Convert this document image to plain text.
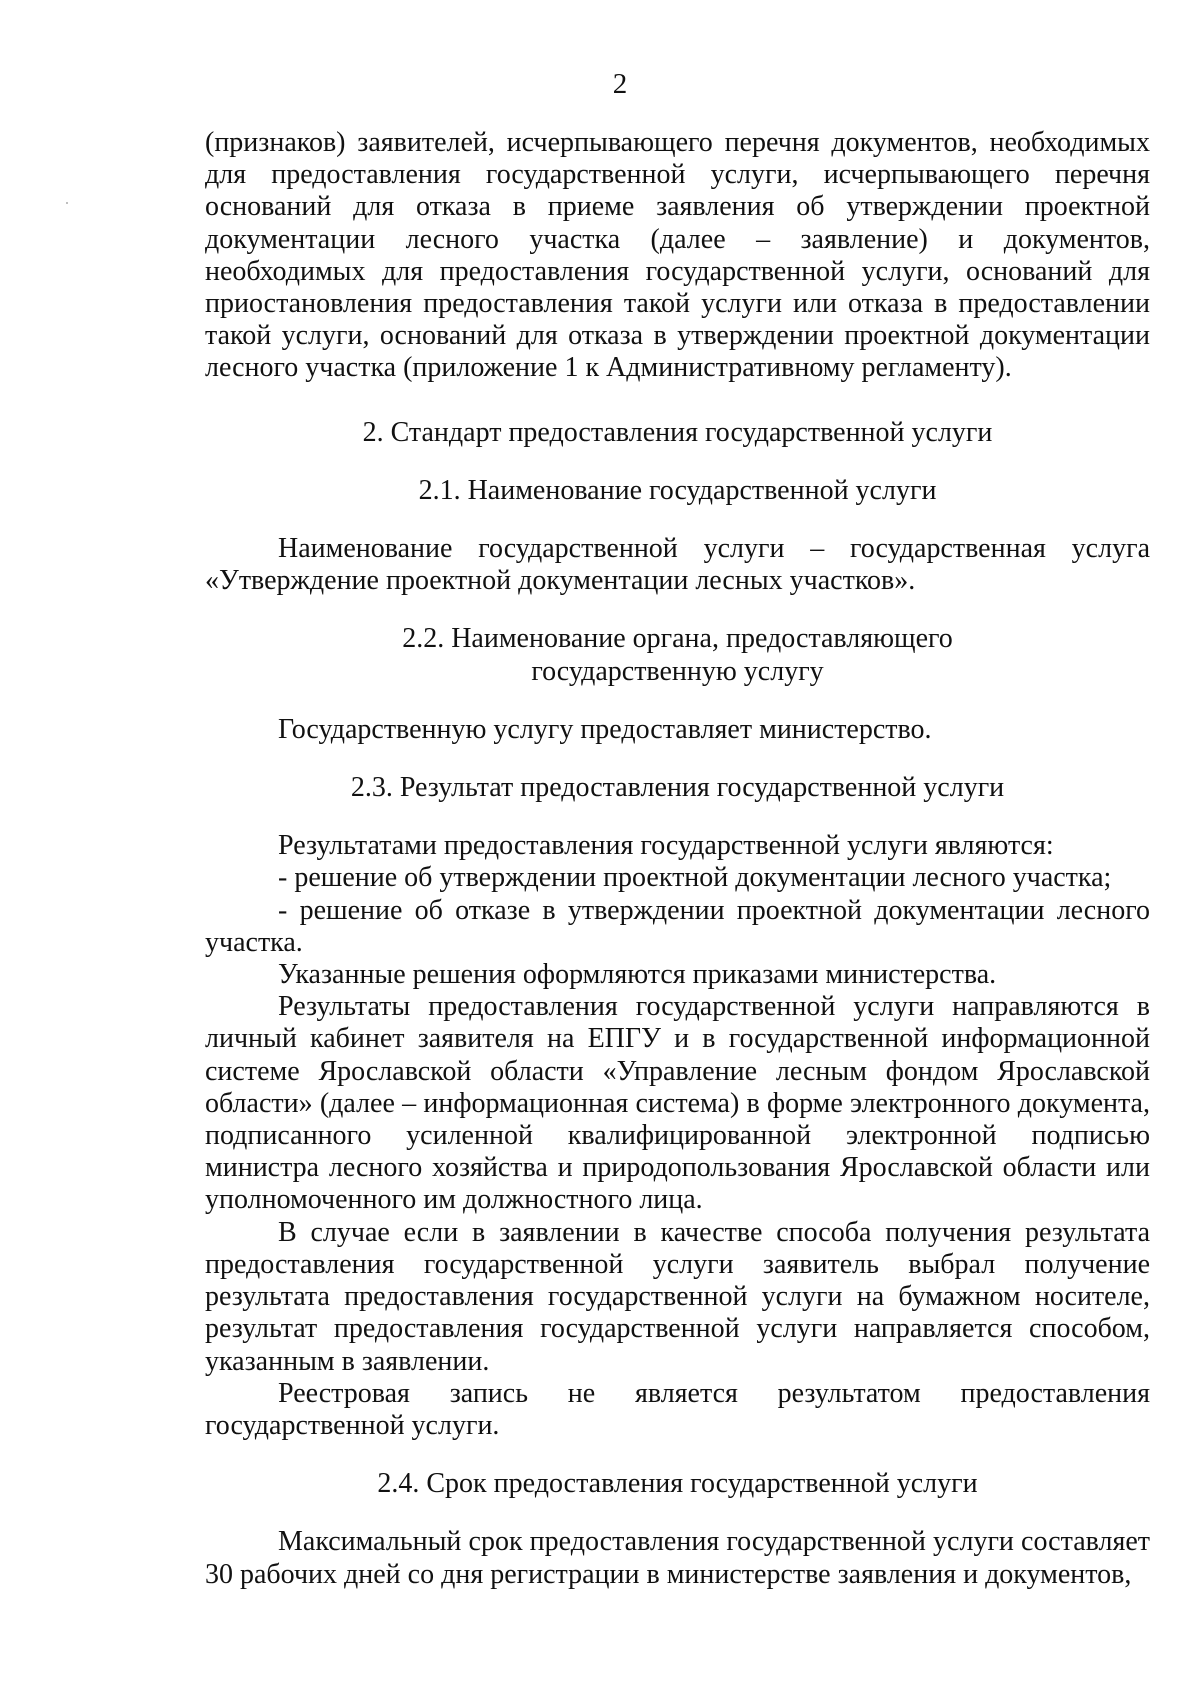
2

(признаков) заявителей, исчерпывающего перечня документов, необходимых для предоставления государственной услуги, исчерпывающего перечня оснований для отказа в приеме заявления об утверждении проектной документации лесного участка (далее – заявление) и документов, необходимых для предоставления государственной услуги, оснований для приостановления предоставления такой услуги или отказа в предоставлении такой услуги, оснований для отказа в утверждении проектной документации лесного участка (приложение 1 к Административному регламенту).

2. Стандарт предоставления государственной услуги

2.1. Наименование государственной услуги

Наименование государственной услуги – государственная услуга «Утверждение проектной документации лесных участков».

2.2. Наименование органа, предоставляющего

государственную услугу

Государственную услугу предоставляет министерство.

2.3. Результат предоставления государственной услуги

Результатами предоставления государственной услуги являются:

- решение об утверждении проектной документации лесного участка;

- решение об отказе в утверждении проектной документации лесного участка.

Указанные решения оформляются приказами министерства.

Результаты предоставления государственной услуги направляются в личный кабинет заявителя на ЕПГУ и в государственной информационной системе Ярославской области «Управление лесным фондом Ярославской области» (далее – информационная система) в форме электронного документа, подписанного усиленной квалифицированной электронной подписью министра лесного хозяйства и природопользования Ярославской области или уполномоченного им должностного лица.

В случае если в заявлении в качестве способа получения результата предоставления государственной услуги заявитель выбрал получение результата предоставления государственной услуги на бумажном носителе, результат предоставления государственной услуги направляется способом, указанным в заявлении.

Реестровая запись не является результатом предоставления государственной услуги.

2.4. Срок предоставления государственной услуги

Максимальный срок предоставления государственной услуги составляет 30 рабочих дней со дня регистрации в министерстве заявления и документов,
